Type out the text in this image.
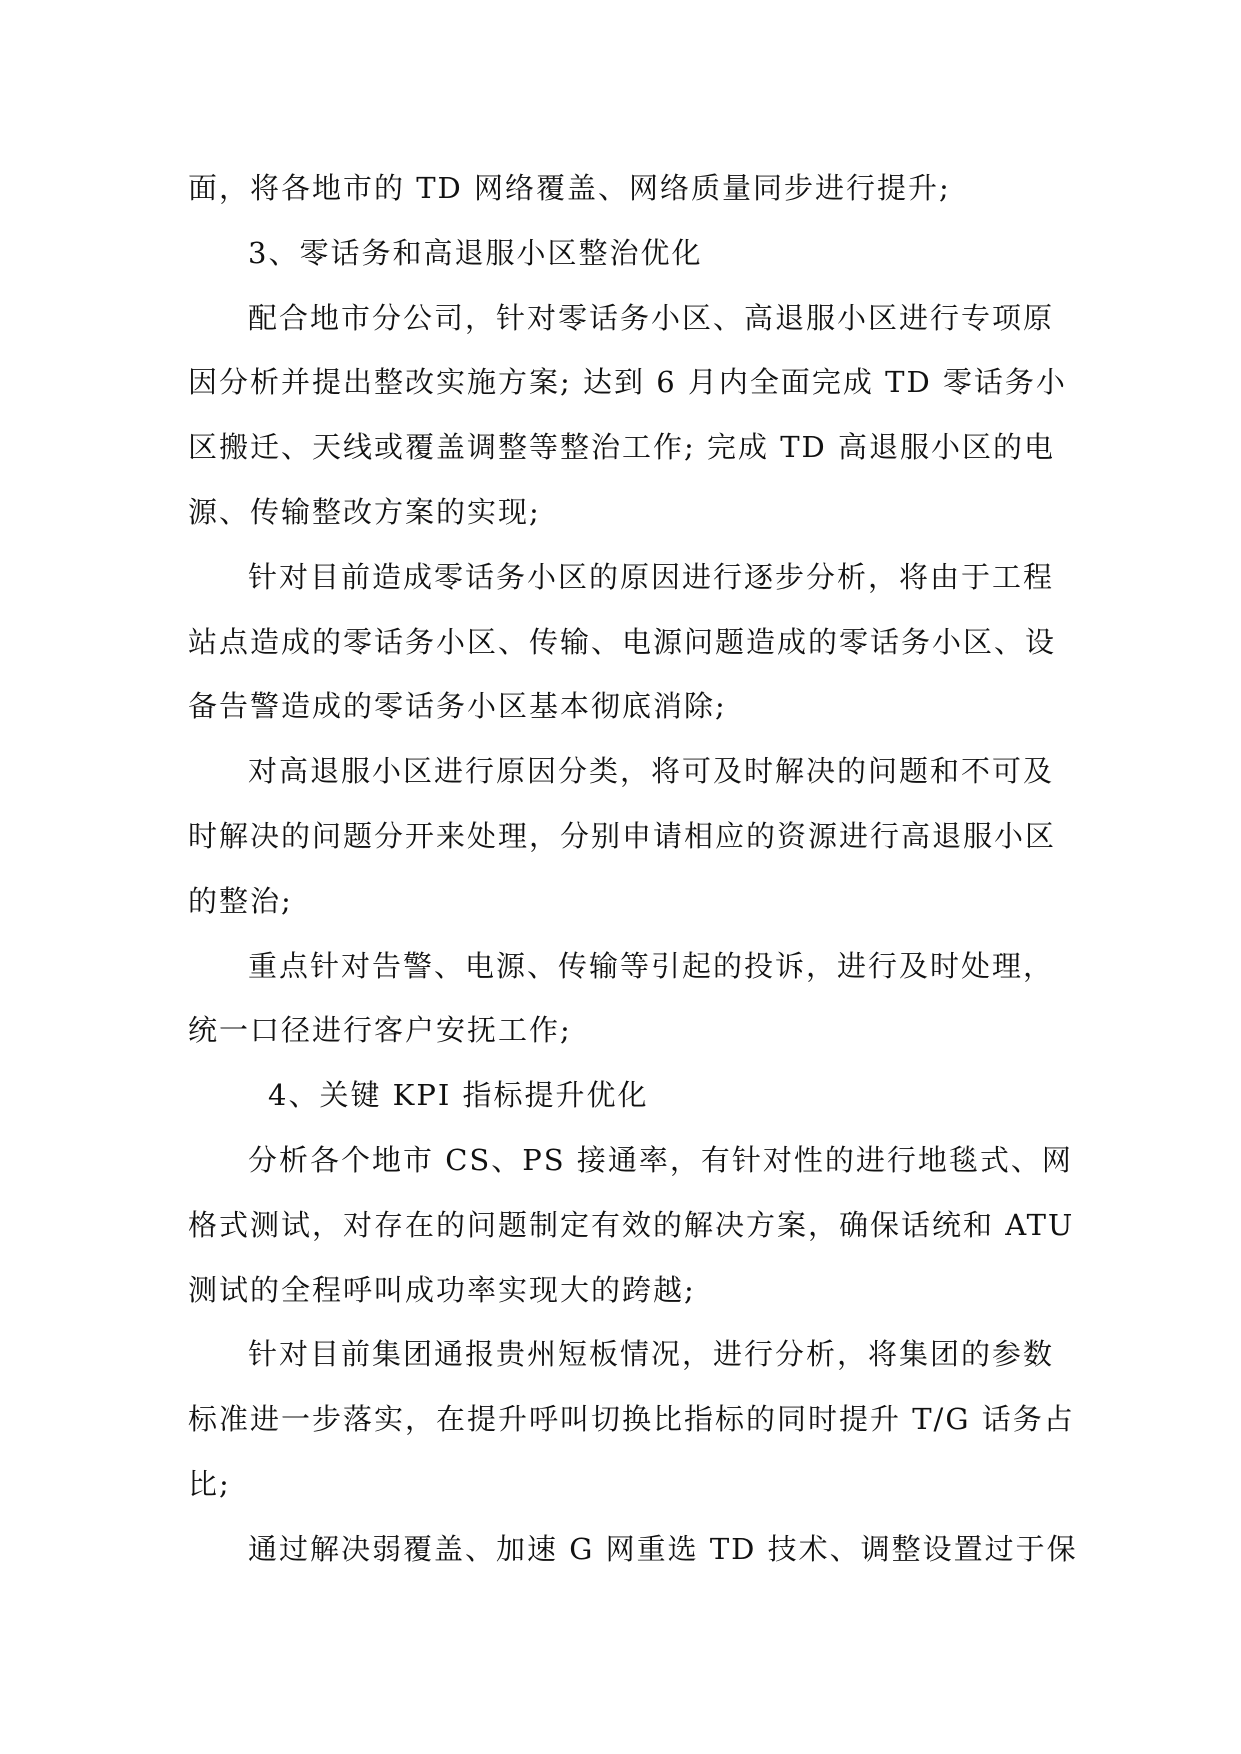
面，将各地市的 TD 网络覆盖、网络质量同步进行提升;
3、零话务和高退服小区整治优化
配合地市分公司，针对零话务小区、高退服小区进行专项原
因分析并提出整改实施方案; 达到 6 月内全面完成 TD 零话务小
区搬迁、天线或覆盖调整等整治工作; 完成 TD 高退服小区的电
源、传输整改方案的实现;
针对目前造成零话务小区的原因进行逐步分析，将由于工程
站点造成的零话务小区、传输、电源问题造成的零话务小区、设
备告警造成的零话务小区基本彻底消除;
对高退服小区进行原因分类，将可及时解决的问题和不可及
时解决的问题分开来处理，分别申请相应的资源进行高退服小区
的整治;
重点针对告警、电源、传输等引起的投诉，进行及时处理，
统一口径进行客户安抚工作;
4、关键 KPI 指标提升优化
分析各个地市 CS、PS 接通率，有针对性的进行地毯式、网
格式测试，对存在的问题制定有效的解决方案，确保话统和 ATU
测试的全程呼叫成功率实现大的跨越;
针对目前集团通报贵州短板情况，进行分析，将集团的参数
标准进一步落实，在提升呼叫切换比指标的同时提升 T/G 话务占
比;
通过解决弱覆盖、加速 G 网重选 TD 技术、调整设置过于保
